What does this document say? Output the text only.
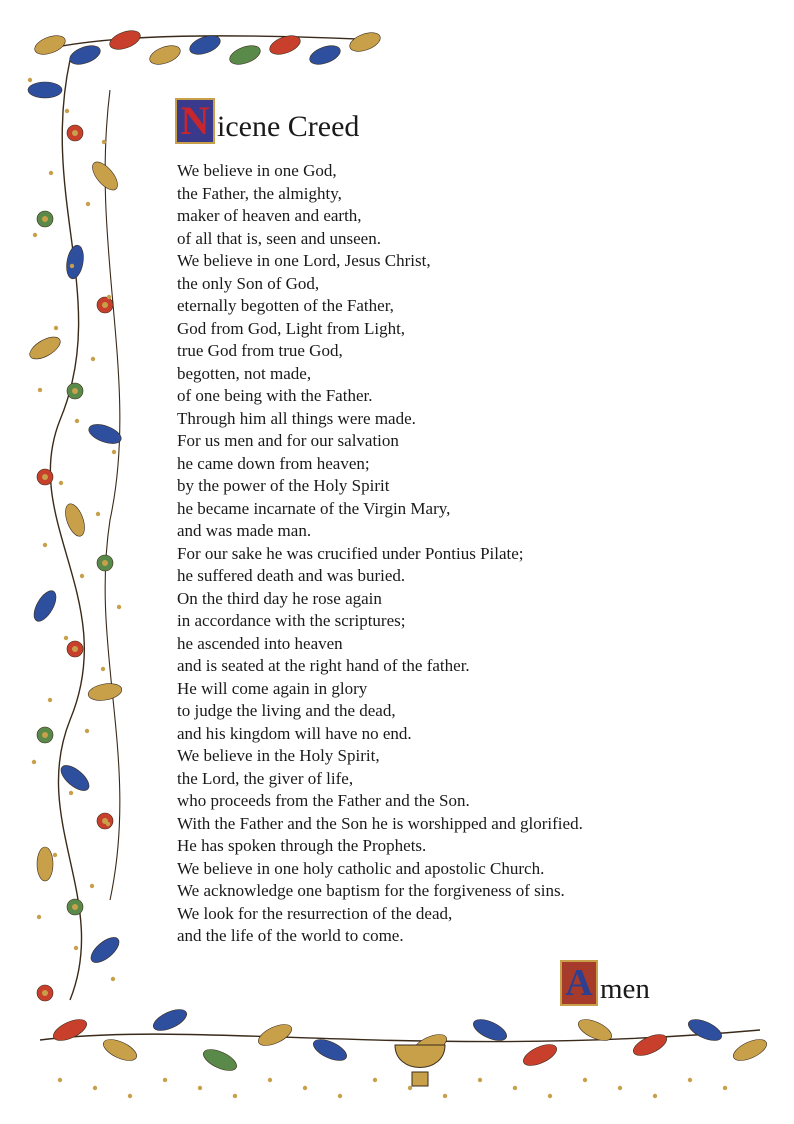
N icene Creed
We believe in one God,
the Father, the almighty,
maker of heaven and earth,
of all that is, seen and unseen.
We believe in one Lord, Jesus Christ,
the only Son of God,
eternally begotten of the Father,
God from God, Light from Light,
true God from true God,
begotten, not made,
of one being with the Father.
Through him all things were made.
For us men and for our salvation
he came down from heaven;
by the power of the Holy Spirit
he became incarnate of the Virgin Mary,
and was made man.
For our sake he was crucified under Pontius Pilate;
he suffered death and was buried.
On the third day he rose again
in accordance with the scriptures;
he ascended into heaven
and is seated at the right hand of the father.
He will come again in glory
to judge the living and the dead,
and his kingdom will have no end.
We believe in the Holy Spirit,
the Lord, the giver of life,
who proceeds from the Father and the Son.
With the Father and the Son he is worshipped and glorified.
He has spoken through the Prophets.
We believe in one holy catholic and apostolic Church.
We acknowledge one baptism for the forgiveness of sins.
We look for the resurrection of the dead,
and the life of the world to come.
A men
